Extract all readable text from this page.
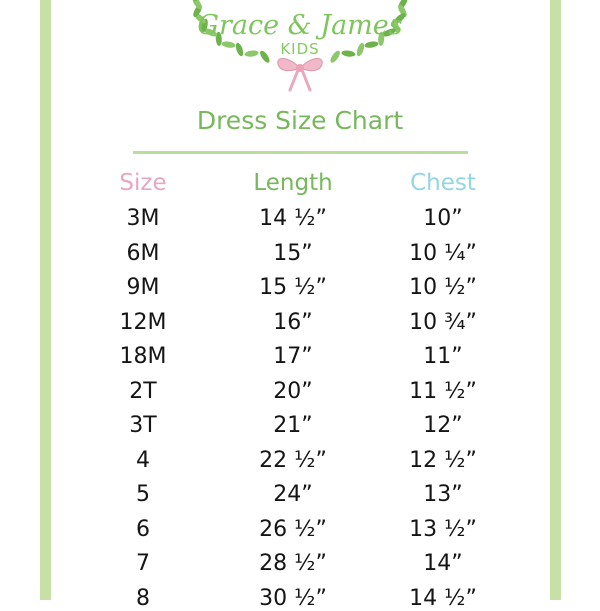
Grace & James
KIDS
Dress Size Chart
Size	Length	Chest
3M	14 ½”	10”
6M	15”	10 ¼”
9M	15 ½”	10 ½”
12M	16”	10 ¾”
18M	17”	11”
2T	20”	11 ½”
3T	21”	12”
4	22 ½”	12 ½”
5	24”	13”
6	26 ½”	13 ½”
7	28 ½”	14”
8	30 ½”	14 ½”
